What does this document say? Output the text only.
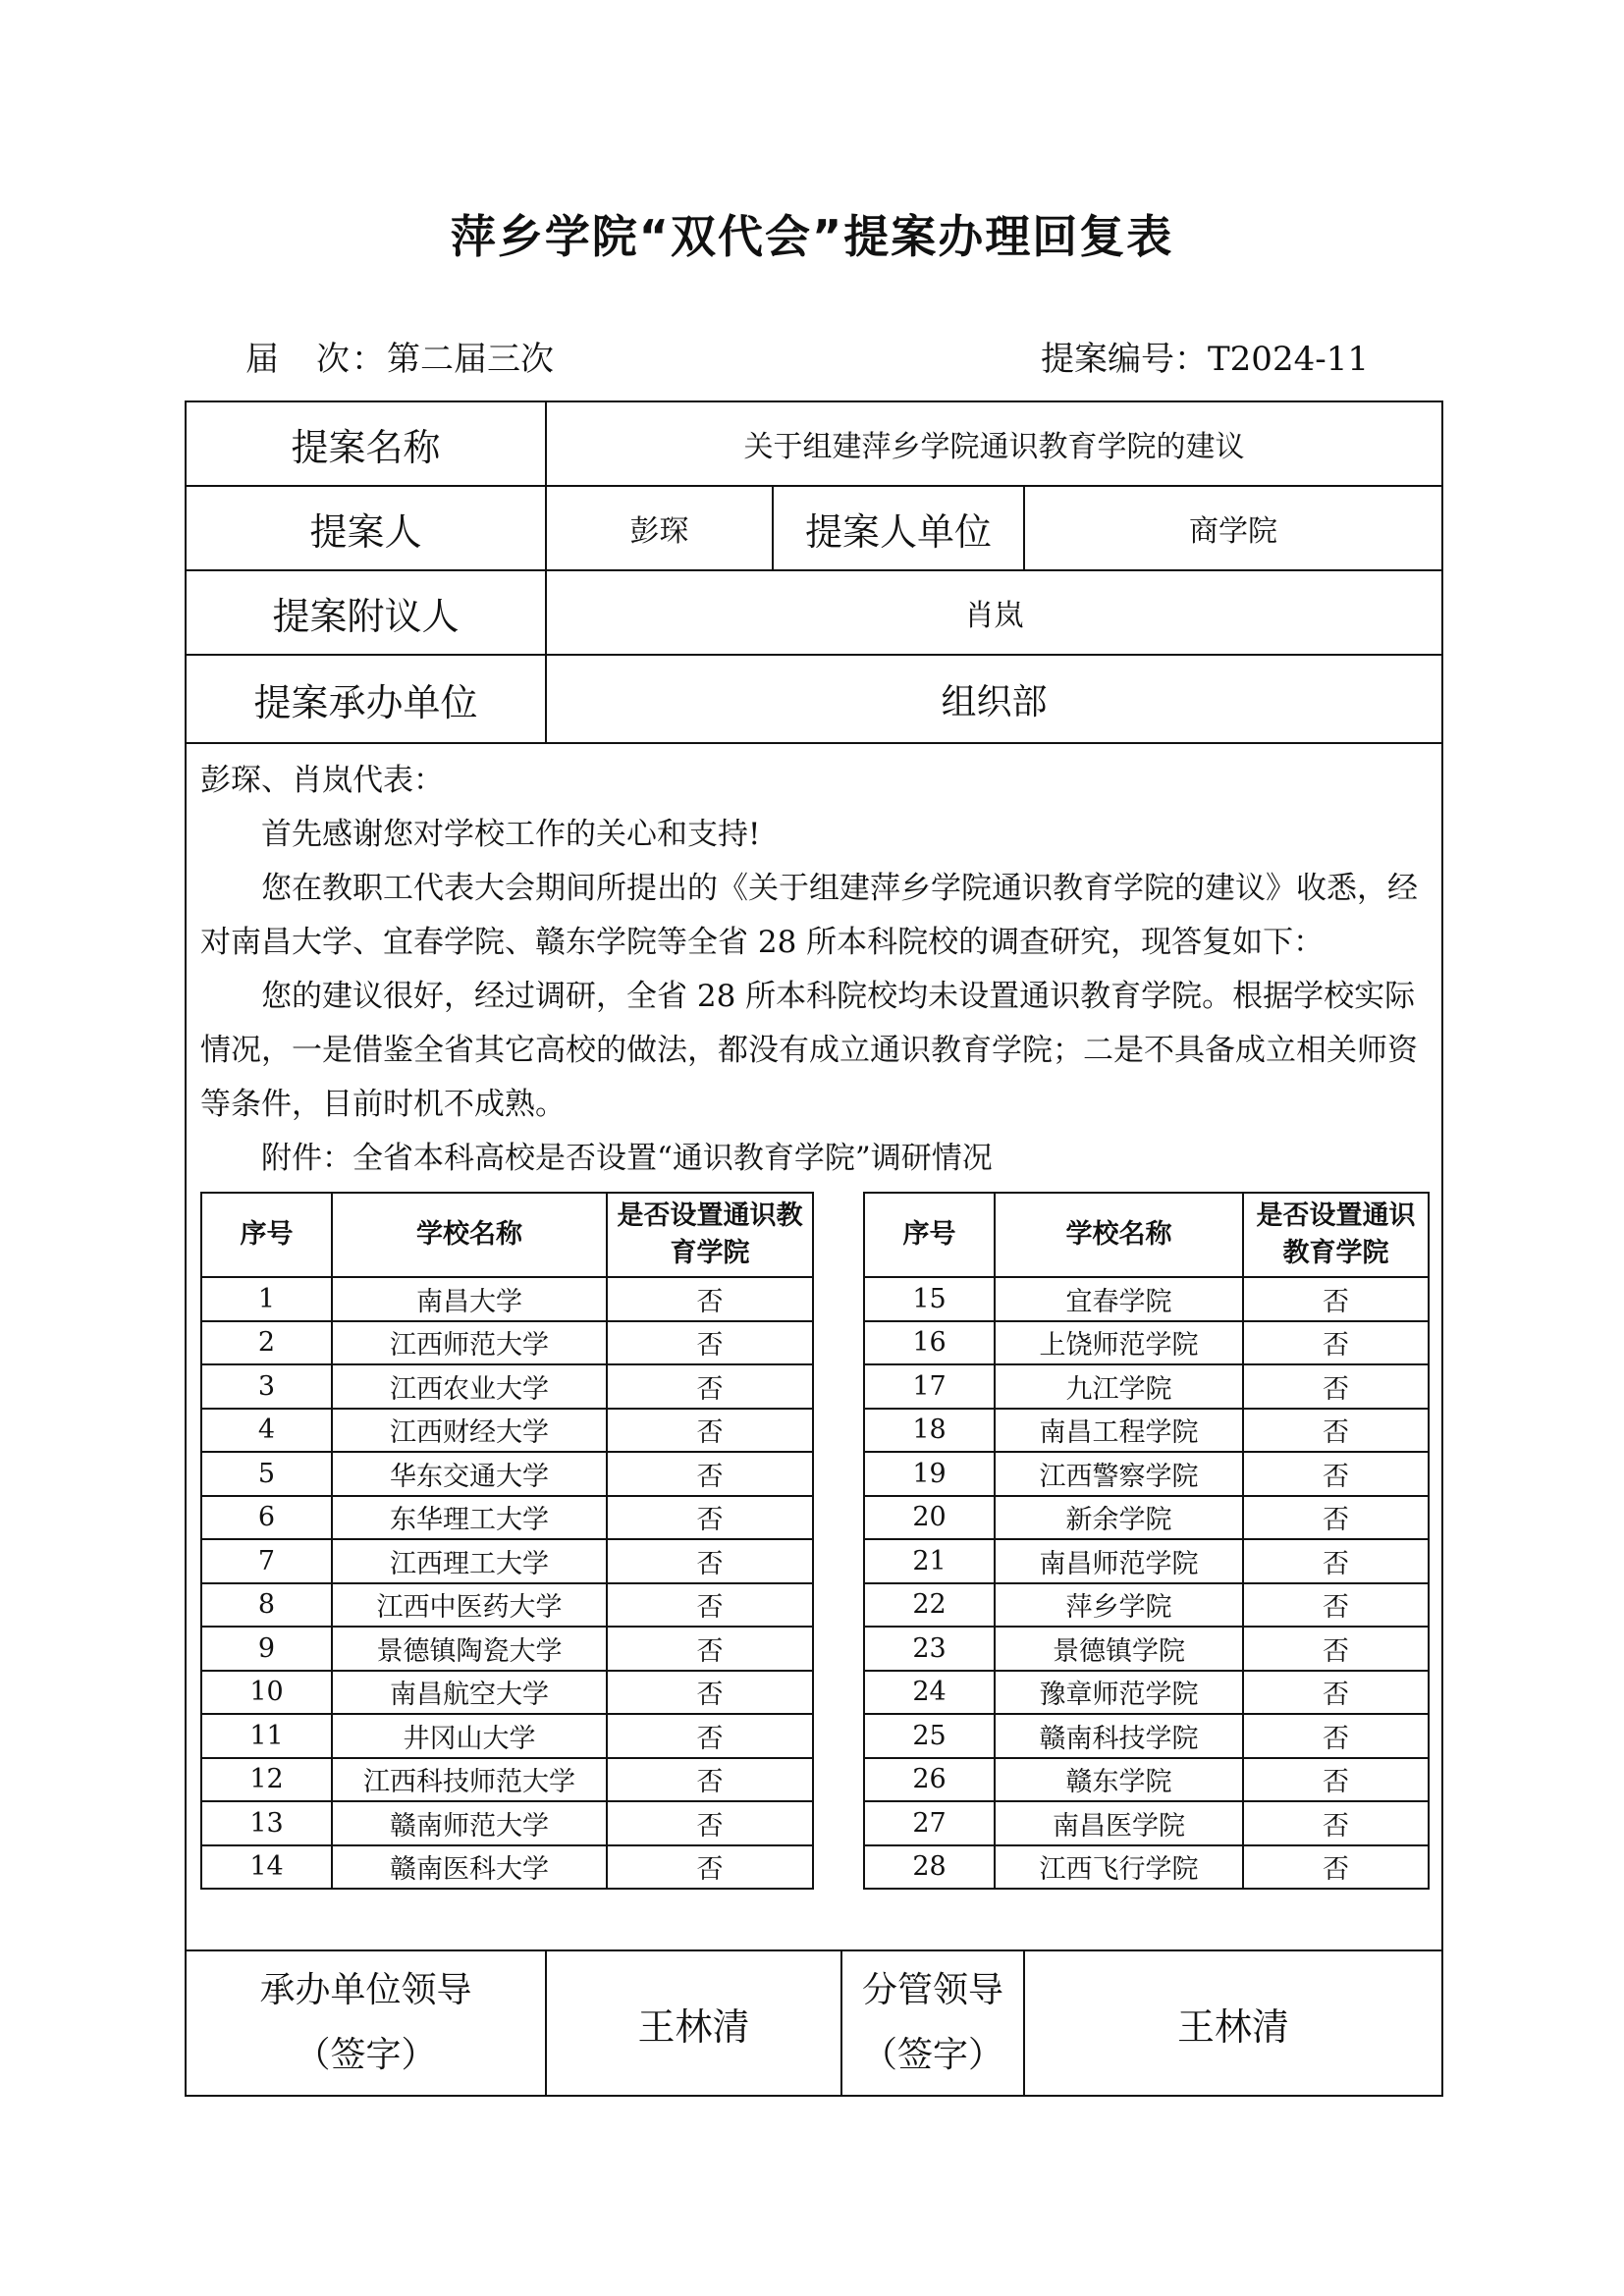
萍乡学院“双代会”提案办理回复表
届　次：第二届三次	提案编号：T2024-11
提案名称	关于组建萍乡学院通识教育学院的建议
提案人	彭琛	提案人单位	商学院
提案附议人	肖岚
提案承办单位	组织部

彭琛、肖岚代表：

首先感谢您对学校工作的关心和支持!

您在教职工代表大会期间所提出的《关于组建萍乡学院通识教育学院的建议》收悉，经对南昌大学、宜春学院、赣东学院等全省 28 所本科院校的调查研究，现答复如下：

您的建议很好，经过调研，全省 28 所本科院校均未设置通识教育学院。根据学校实际情况，一是借鉴全省其它高校的做法，都没有成立通识教育学院；二是不具备成立相关师资等条件，目前时机不成熟。

附件：全省本科高校是否设置“通识教育学院”调研情况

序号	学校名称	是否设置通识教育学院		序号	学校名称	是否设置通识教育学院
1	南昌大学	否		15	宜春学院	否
2	江西师范大学	否		16	上饶师范学院	否
3	江西农业大学	否		17	九江学院	否
4	江西财经大学	否		18	南昌工程学院	否
5	华东交通大学	否		19	江西警察学院	否
6	东华理工大学	否		20	新余学院	否
7	江西理工大学	否		21	南昌师范学院	否
8	江西中医药大学	否		22	萍乡学院	否
9	景德镇陶瓷大学	否		23	景德镇学院	否
10	南昌航空大学	否		24	豫章师范学院	否
11	井冈山大学	否		25	赣南科技学院	否
12	江西科技师范大学	否		26	赣东学院	否
13	赣南师范大学	否		27	南昌医学院	否
14	赣南医科大学	否		28	江西飞行学院	否

承办单位领导
（签字）
	王林清	
分管领导
（签字）
	王林清
